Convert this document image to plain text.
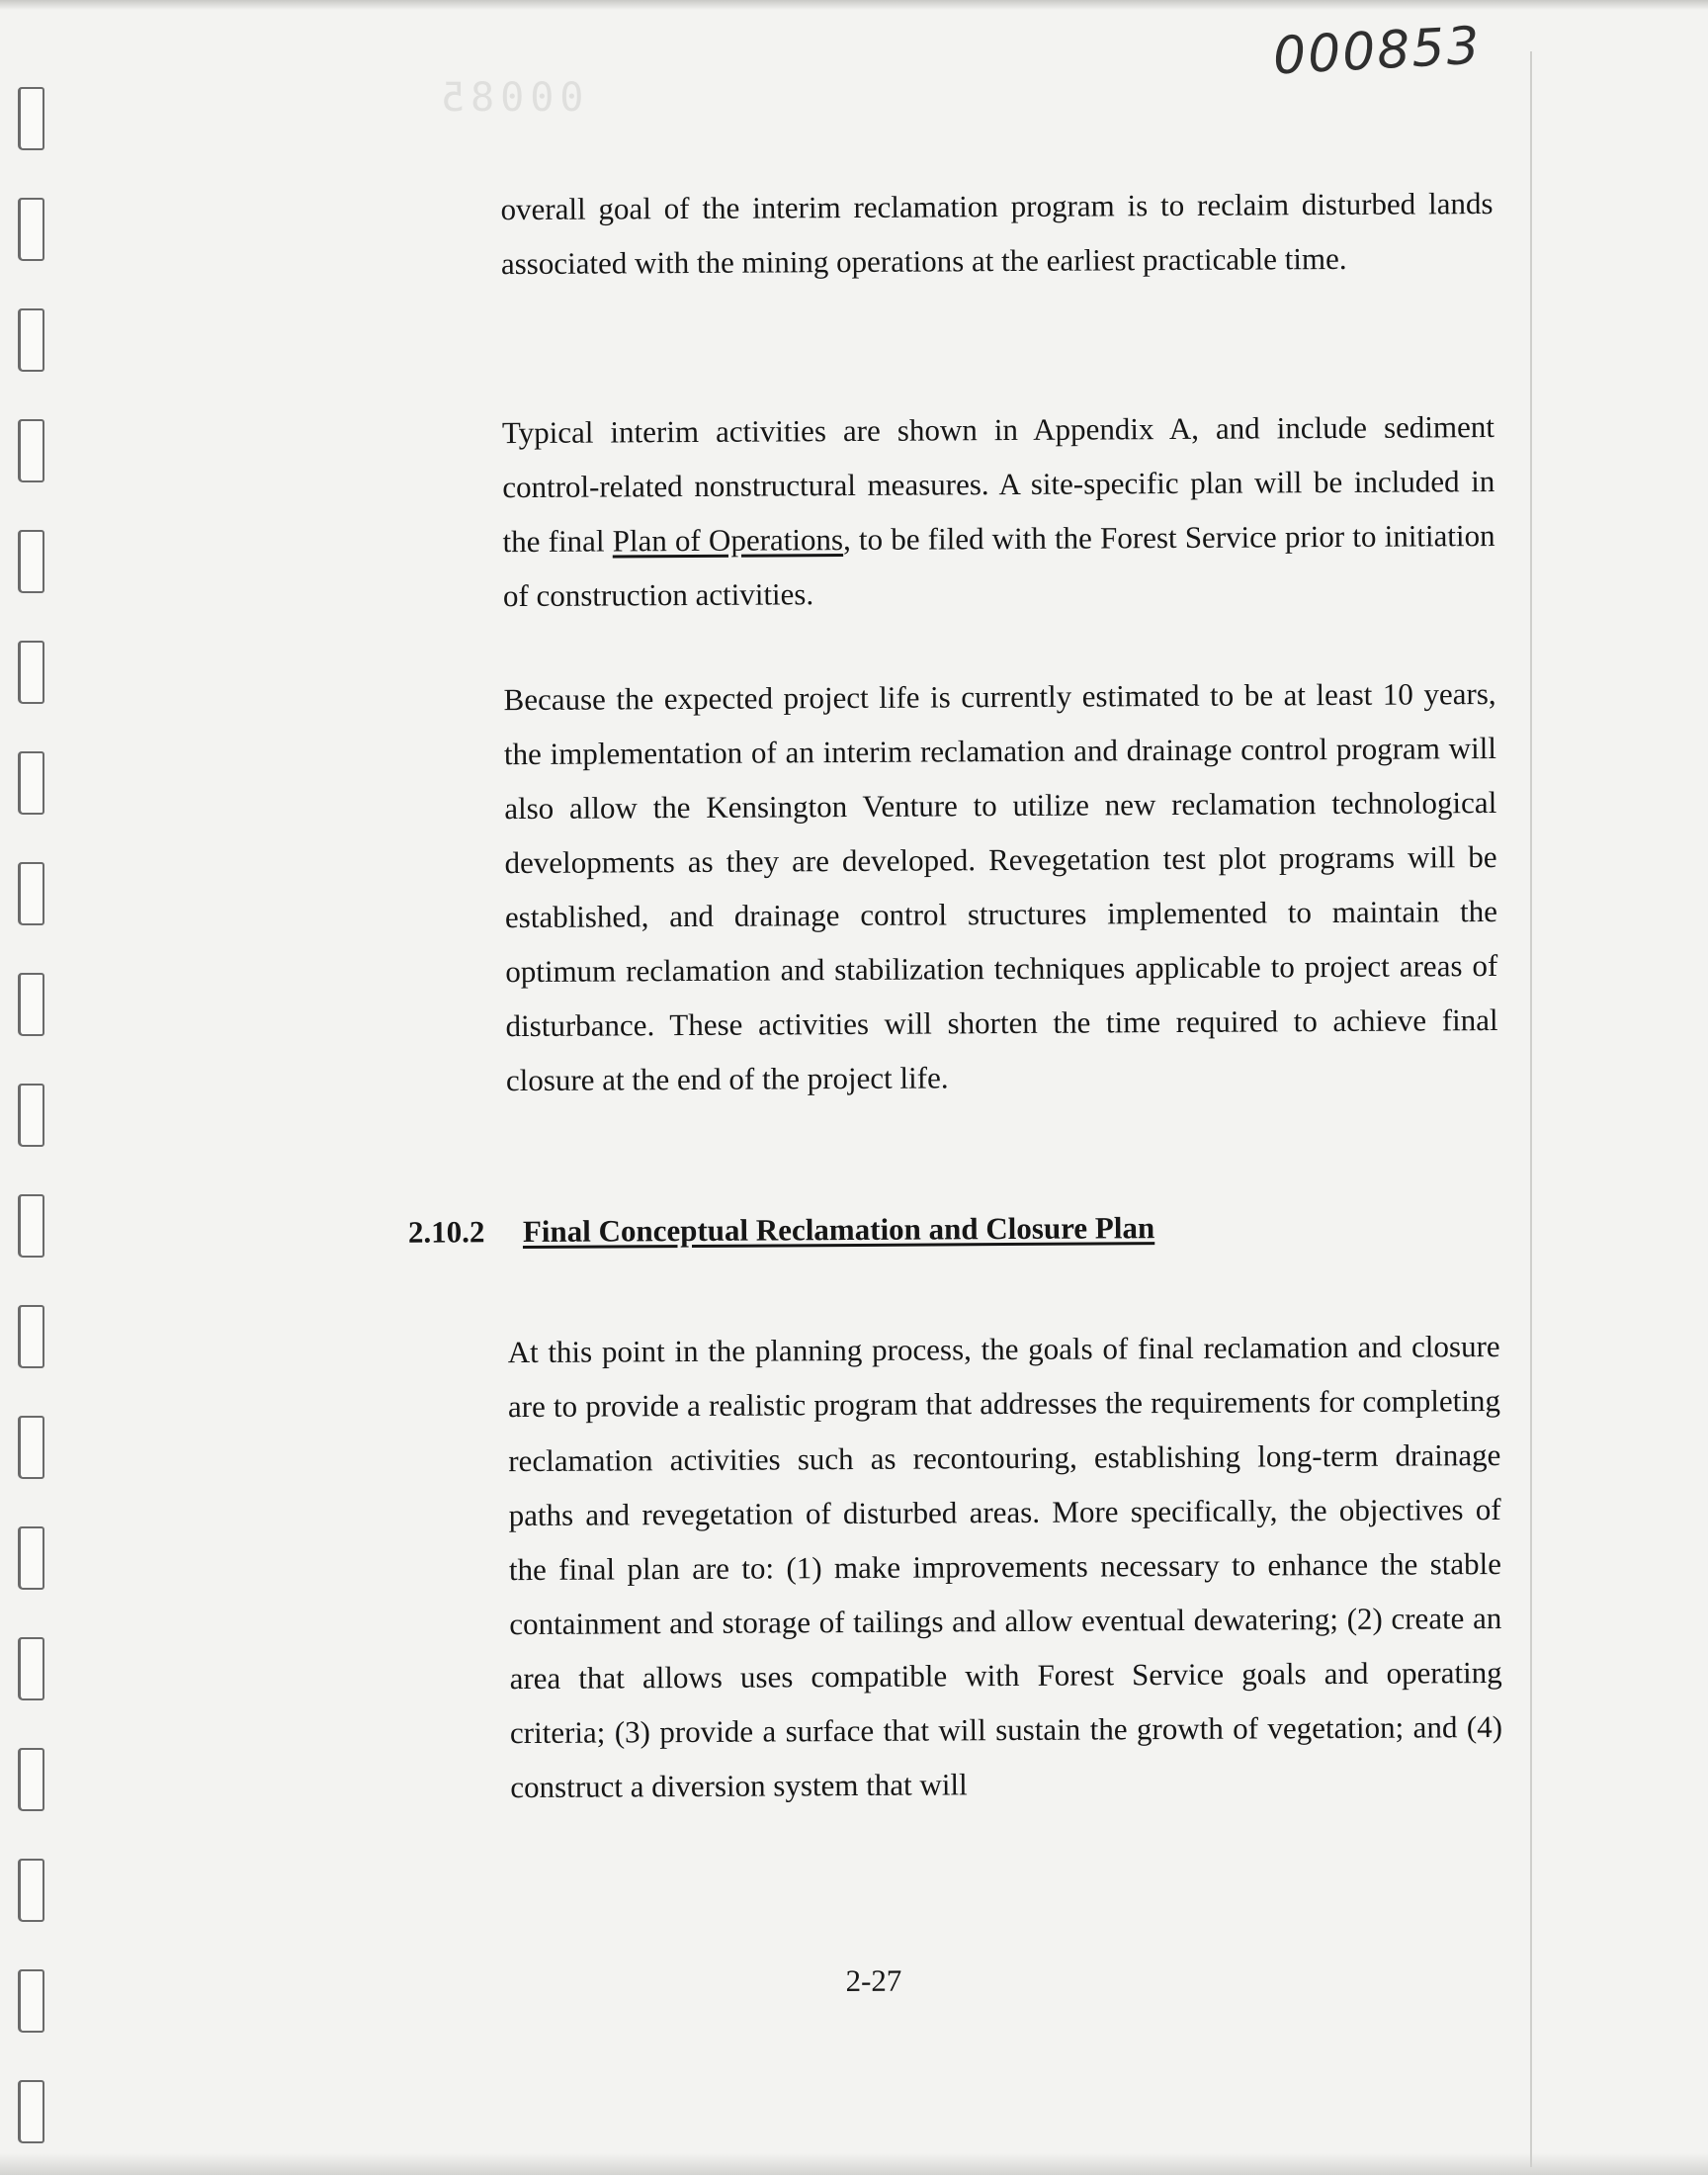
000853
00085

overall goal of the interim reclamation program is to reclaim disturbed lands associated with the mining operations at the earliest practicable time.

Typical interim activities are shown in Appendix A, and include sediment control-related nonstructural measures. A site-specific plan will be included in the final Plan of Operations, to be filed with the Forest Service prior to initiation of construction activities.

Because the expected project life is currently estimated to be at least 10 years, the implementation of an interim reclamation and drainage control program will also allow the Kensington Venture to utilize new reclamation technological developments as they are developed. Revegetation test plot programs will be established, and drainage control structures implemented to maintain the optimum reclamation and stabilization techniques applicable to project areas of disturbance. These activities will shorten the time required to achieve final closure at the end of the project life.

2.10.2 Final Conceptual Reclamation and Closure Plan

At this point in the planning process, the goals of final reclamation and closure are to provide a realistic program that addresses the requirements for completing reclamation activities such as recontouring, establishing long-term drainage paths and revegetation of disturbed areas. More specifically, the objectives of the final plan are to: (1) make improvements necessary to enhance the stable containment and storage of tailings and allow eventual dewatering; (2) create an area that allows uses compatible with Forest Service goals and operating criteria; (3) provide a surface that will sustain the growth of vegetation; and (4) construct a diversion system that will

2-27
